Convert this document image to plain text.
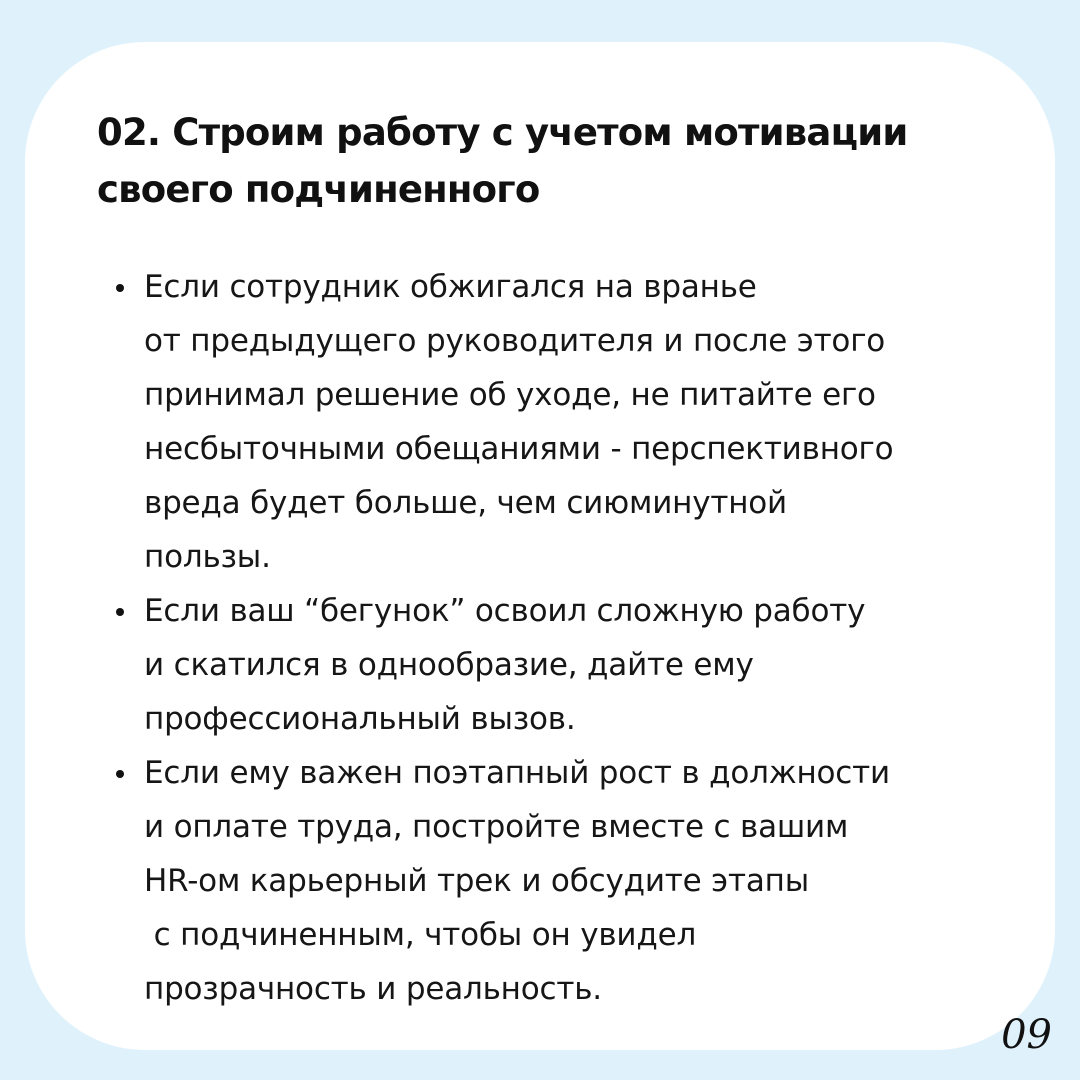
02. Строим работу с учетом мотивации
своего подчиненного
Если сотрудник обжигался на вранье
от предыдущего руководителя и после этого
принимал решение об уходе, не питайте его
несбыточными обещаниями - перспективного
вреда будет больше, чем сиюминутной
пользы.
Если ваш “бегунок” освоил сложную работу
и скатился в однообразие, дайте ему
профессиональный вызов.
Если ему важен поэтапный рост в должности
и оплате труда, постройте вместе с вашим
HR-ом карьерный трек и обсудите этапы
с подчиненным, чтобы он увидел
прозрачность и реальность.
09
